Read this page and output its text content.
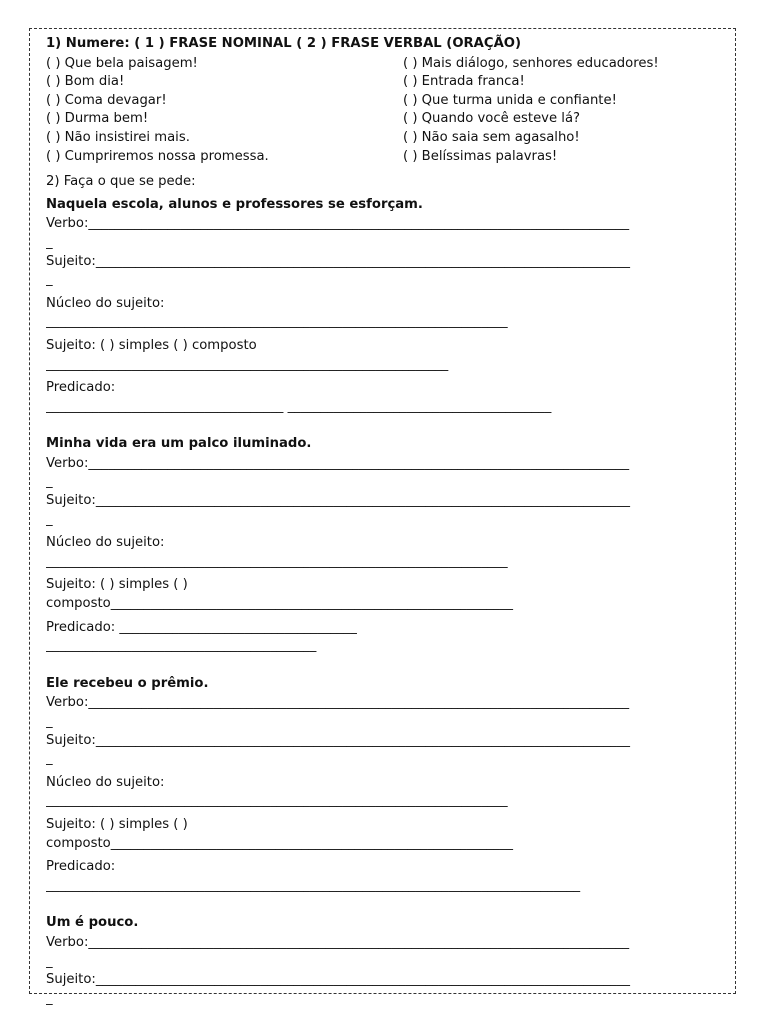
1) Numere: ( 1 ) FRASE NOMINAL ( 2 ) FRASE VERBAL (ORAÇÃO)
( ) Que bela paisagem!
( ) Bom dia!
( ) Coma devagar!
( ) Durma bem!
( ) Não insistirei mais.
( ) Cumpriremos nossa promessa.
( ) Mais diálogo, senhores educadores!
( ) Entrada franca!
( ) Que turma unida e confiante!
( ) Quando você esteve lá?
( ) Não saia sem agasalho!
( ) Belíssimas palavras!
2) Faça o que se pede:
Naquela escola, alunos e professores se esforçam.
Verbo:__________________________________________________________________________________
_
Sujeito:_________________________________________________________________________________
_
Núcleo do sujeito:
______________________________________________________________________
Sujeito: ( ) simples ( ) composto
_____________________________________________________________
Predicado:
____________________________________ ________________________________________
Minha vida era um palco iluminado.
Verbo:__________________________________________________________________________________
_
Sujeito:_________________________________________________________________________________
_
Núcleo do sujeito:
______________________________________________________________________
Sujeito: ( ) simples ( )
composto_____________________________________________________________
Predicado: ____________________________________
_________________________________________
Ele recebeu o prêmio.
Verbo:__________________________________________________________________________________
_
Sujeito:_________________________________________________________________________________
_
Núcleo do sujeito:
______________________________________________________________________
Sujeito: ( ) simples ( )
composto_____________________________________________________________
Predicado:
_________________________________________________________________________________
Um é pouco.
Verbo:__________________________________________________________________________________
_
Sujeito:_________________________________________________________________________________
_
